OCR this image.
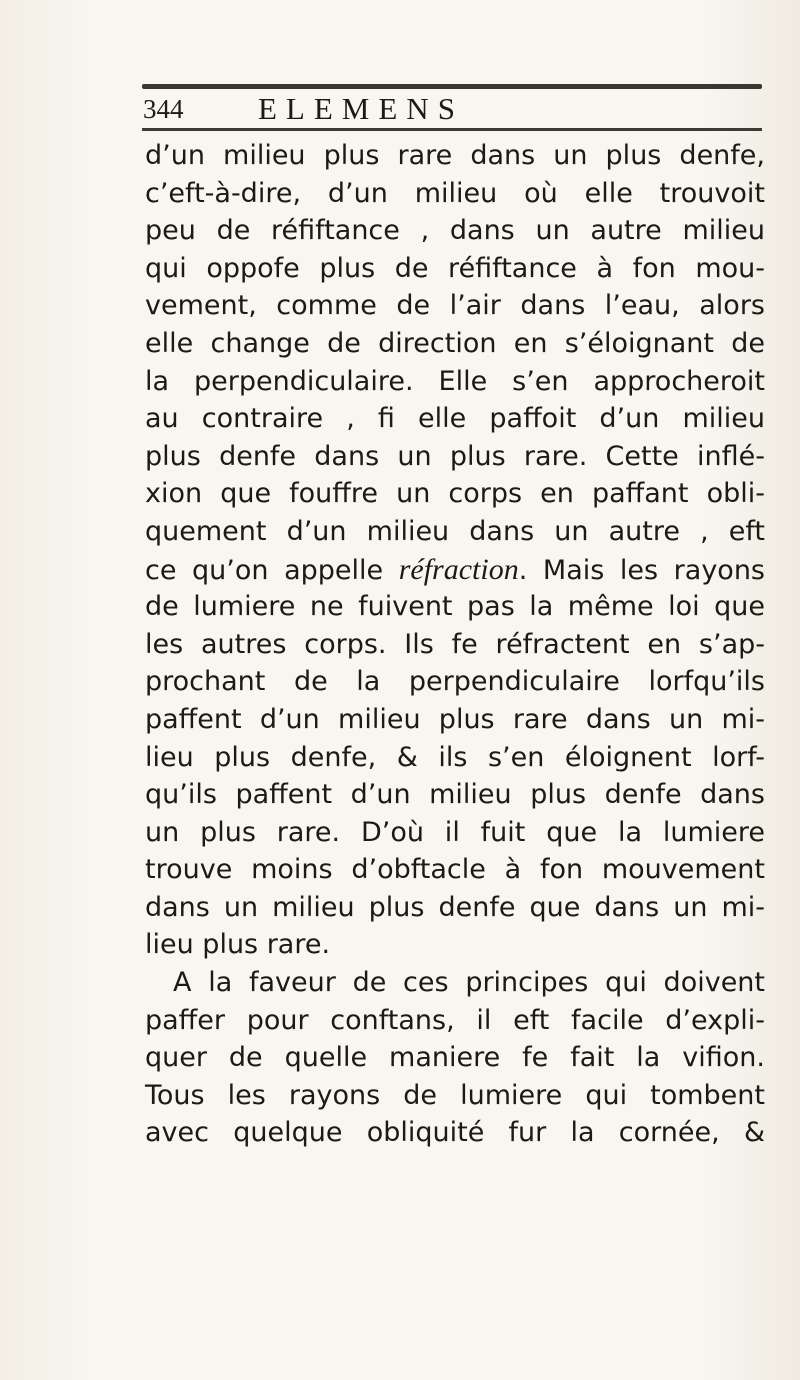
344 ELEMENS
d’un milieu plus rare dans un plus denfe,
c’eft-à-dire, d’un milieu où elle trouvoit
peu de réfiftance , dans un autre milieu
qui oppofe plus de réfiftance à fon mou-
vement, comme de l’air dans l’eau, alors
elle change de direction en s’éloignant de
la perpendiculaire. Elle s’en approcheroit
au contraire , fi elle paffoit d’un milieu
plus denfe dans un plus rare. Cette inflé-
xion que fouffre un corps en paffant obli-
quement d’un milieu dans un autre , eft
ce qu’on appelle réfraction. Mais les rayons
de lumiere ne fuivent pas la même loi que
les autres corps. Ils fe réfractent en s’ap-
prochant de la perpendiculaire lorfqu’ils
paffent d’un milieu plus rare dans un mi-
lieu plus denfe, & ils s’en éloignent lorf-
qu’ils paffent d’un milieu plus denfe dans
un plus rare. D’où il fuit que la lumiere
trouve moins d’obftacle à fon mouvement
dans un milieu plus denfe que dans un mi-
lieu plus rare.
A la faveur de ces principes qui doivent
paffer pour conftans, il eft facile d’expli-
quer de quelle maniere fe fait la vifion.
Tous les rayons de lumiere qui tombent
avec quelque obliquité fur la cornée, &
